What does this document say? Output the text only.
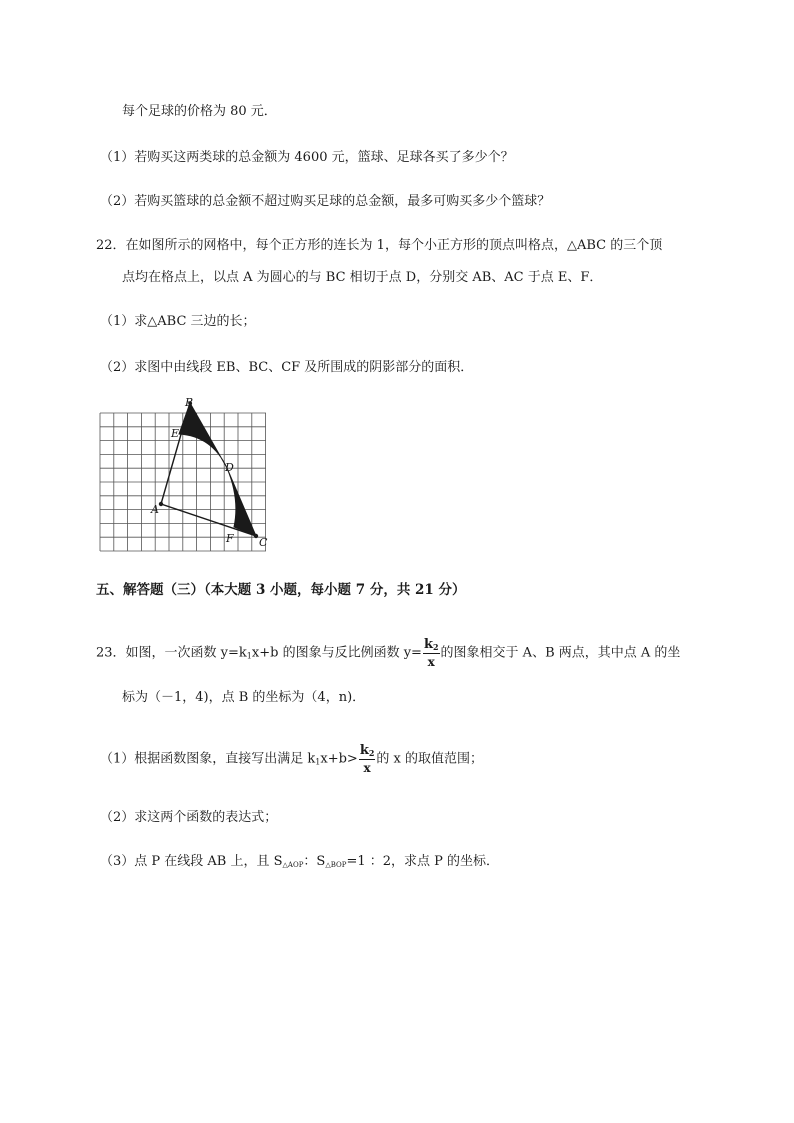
每个足球的价格为 80 元．
（1）若购买这两类球的总金额为 4600 元，篮球、足球各买了多少个？
（2）若购买篮球的总金额不超过购买足球的总金额，最多可购买多少个篮球？
22．在如图所示的网格中，每个正方形的连长为 1，每个小正方形的顶点叫格点，△ABC 的三个顶
点均在格点上，以点 A 为圆心的与 BC 相切于点 D，分别交 AB、AC 于点 E、F．
（1）求△ABC 三边的长；
（2）求图中由线段 EB、BC、CF 及所围成的阴影部分的面积．
B
E
D
A
F C
五、解答题（三）（本大题 3 小题，每小题 7 分，共 21 分）
23．如图，一次函数 $y=k_1x+b$ 的图象与反比例函数 $y= \frac{k_2}{x}$ 的图象相交于 A、B 两点，其中点 A 的坐
标为（－1，4)，点 B 的坐标为（4，n)．
（1）根据函数图象，直接写出满足 $k_1x+b> \frac{k_2}{x}$ 的 x 的取值范围；
（2）求这两个函数的表达式；
（3）点 P 在线段 AB 上，且 S△AOP：S△BOP=1 ：2，求点 P 的坐标．
